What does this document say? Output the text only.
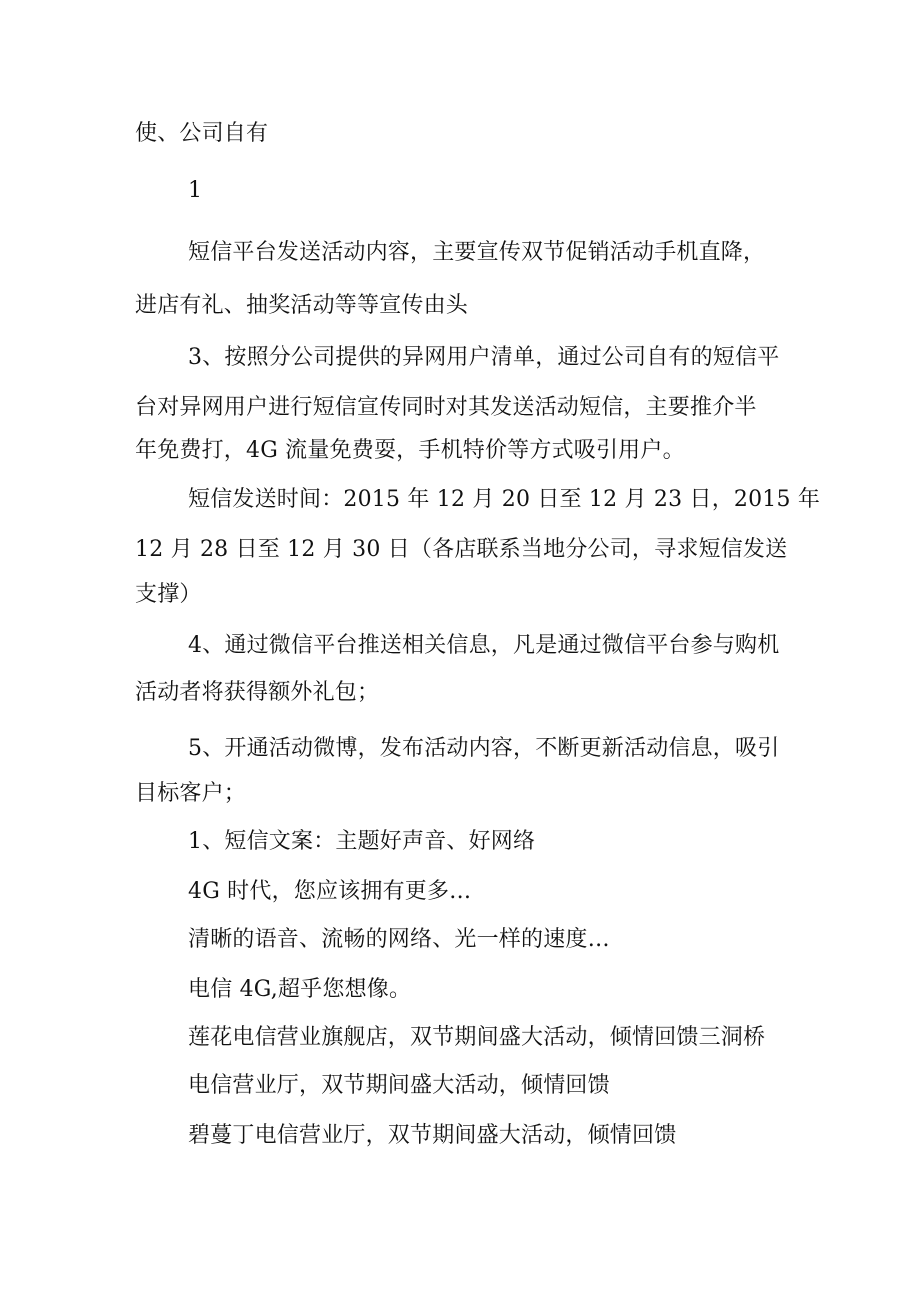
使、公司自有
1
短信平台发送活动内容，主要宣传双节促销活动手机直降，
进店有礼、抽奖活动等等宣传由头
3、按照分公司提供的异网用户清单，通过公司自有的短信平
台对异网用户进行短信宣传同时对其发送活动短信，主要推介半
年免费打，4G 流量免费耍，手机特价等方式吸引用户。
短信发送时间：2015 年 12 月 20 日至 12 月 23 日，2015 年
12 月 28 日至 12 月 30 日（各店联系当地分公司，寻求短信发送
支撑）
4、通过微信平台推送相关信息，凡是通过微信平台参与购机
活动者将获得额外礼包；
5、开通活动微博，发布活动内容，不断更新活动信息，吸引
目标客户；
1、短信文案：主题好声音、好网络
4G 时代，您应该拥有更多…
清晰的语音、流畅的网络、光一样的速度…
电信 4G,超乎您想像。
莲花电信营业旗舰店，双节期间盛大活动，倾情回馈三洞桥
电信营业厅，双节期间盛大活动，倾情回馈
碧蔓丁电信营业厅，双节期间盛大活动，倾情回馈
